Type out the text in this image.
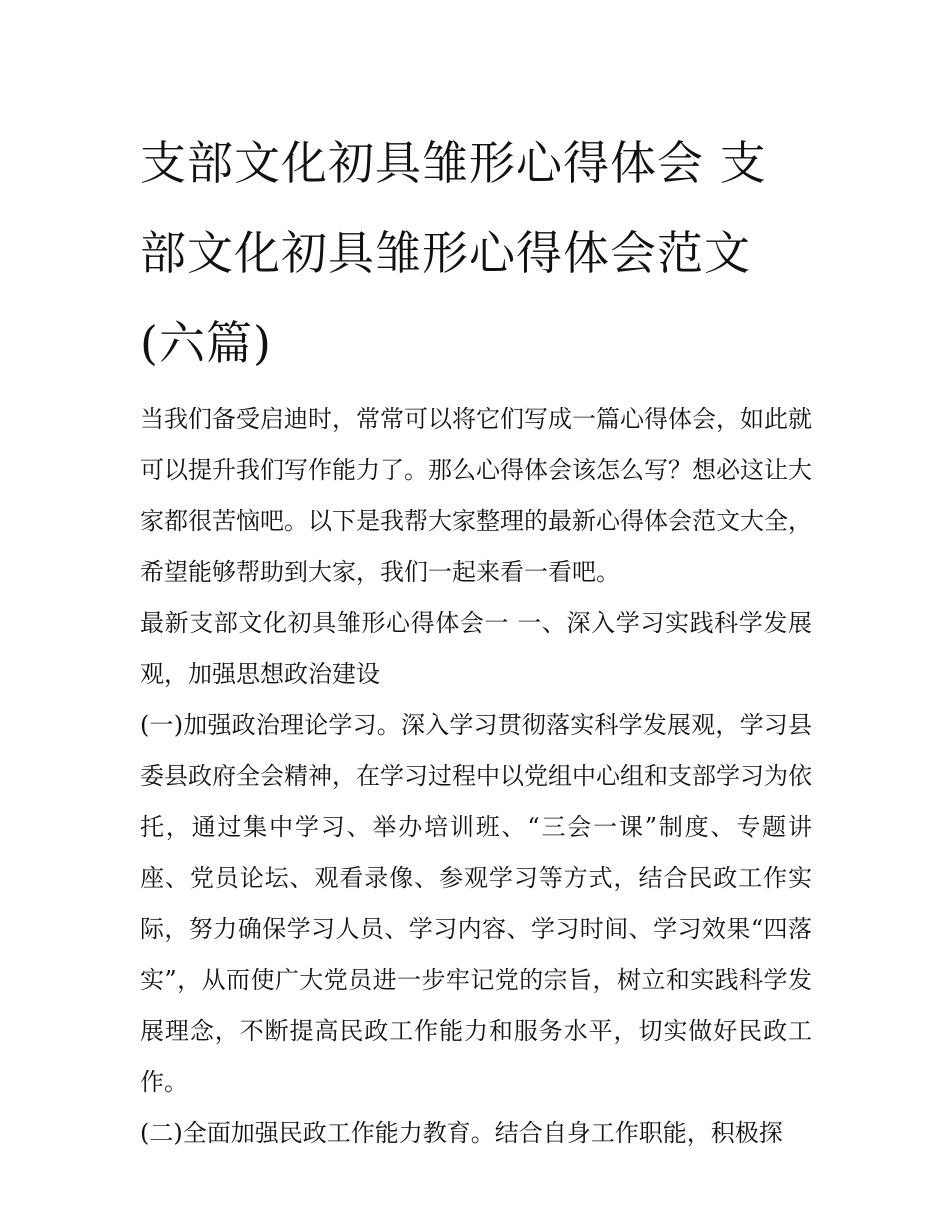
支部文化初具雏形心得体会 支部文化初具雏形心得体会范文(六篇)

当我们备受启迪时，常常可以将它们写成一篇心得体会，如此就可以提升我们写作能力了。那么心得体会该怎么写？想必这让大家都很苦恼吧。以下是我帮大家整理的最新心得体会范文大全，希望能够帮助到大家，我们一起来看一看吧。

最新支部文化初具雏形心得体会一 一、深入学习实践科学发展观，加强思想政治建设

(一)加强政治理论学习。深入学习贯彻落实科学发展观，学习县委县政府全会精神，在学习过程中以党组中心组和支部学习为依托，通过集中学习、举办培训班、“三会一课”制度、专题讲座、党员论坛、观看录像、参观学习等方式，结合民政工作实际，努力确保学习人员、学习内容、学习时间、学习效果“四落实”，从而使广大党员进一步牢记党的宗旨，树立和实践科学发展理念，不断提高民政工作能力和服务水平，切实做好民政工作。

(二)全面加强民政工作能力教育。结合自身工作职能，积极探
